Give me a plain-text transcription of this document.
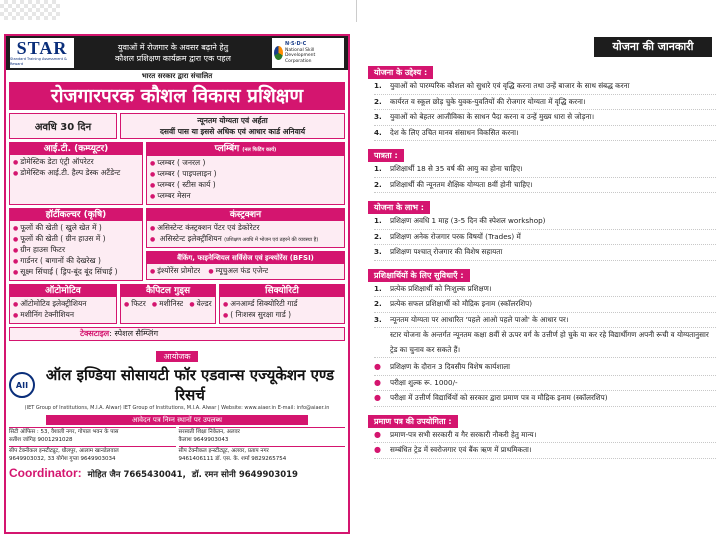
STAR
Standard Training Assessment & Reward
युवाओं में रोजगार के अवसर बढ़ाने हेतु
कौशल प्रशिक्षण कार्यक्रम द्वारा एक पहल
N·S·D·C
National Skill Development Corporation
भारत सरकार द्वारा संचालित
रोजगारपरक कौशल विकास प्रशिक्षण
अवधि 30 दिन
न्यूनतम योग्यता एवं अर्हता
दसवीं पास या इससे अधिक एवं आधार कार्ड अनिवार्य
आई.टी. (कम्प्यूटर)
● डोमेस्टिक डेटा एंट्री ऑपरेटर
● डोमेस्टिक आई.टी. हैल्प डेस्क अटैंडेन्ट
प्लम्बिंग (नल फिटिंग कार्य)
● प्लम्बर ( जनरल )
● प्लम्बर ( पाइपलाइन )
● प्लम्बर ( स्टीस कार्य )
● प्लम्बर मेसन
हॉर्टीकल्चर (कृषि)
● फूलों की खेती ( खुले खेत में )
● फूलों की खेती ( ग्रीन हाउस में )
● ग्रीन हाउस फिटर
● गार्डनर ( बागानों की देखरेख )
● सूक्ष्म सिंचाई ( ड्रिप-बूंद बूंद सिंचाई )
कंस्ट्रक्शन
● असिस्टेन्ट कंस्ट्रक्शन पेंटर एवं डेकोरेटर
● असिस्टेन्ट इलेक्ट्रीशियन (प्रशिक्षण अवधि में भोजन एवं ठहरने की व्यवस्था है)
बैंकिंग, फाइनेन्शियल सर्विसेज एवं इन्श्योरेंस (BFSI)
● इंश्योरेंस प्रोमोटर	● म्यूचुअल फंड एजेन्ट
ऑटोमोटिव
● ऑटोमोटिव इलेक्ट्रीशियन
● मशीनिंग टेक्नीशियन
कैपिटल गुड्स
● फिटर	● मशीनिस्ट	● वेल्डर
सिक्योरिटी
● अनआर्म्ड सिक्योरिटी गार्ड
● ( निःशस्त्र सुरक्षा गार्ड )
टेक्सटाइल: स्पेशल सैम्प्लिंग
आयोजक
AII
ऑल इण्डिया सोसायटी फॉर एडवान्स एज्यूकेशन एण्ड रिसर्च
(IET Group of Institutions, M.I.A. Alwar) IET Group of Institutions, M.I.A. Alwar | Website: www.aiaer.in E-mail: info@aiaer.in
आवेदन पत्र निम्न स्थानों पर उपलब्ध
सिटी ऑफिस : 53, वैशाली नगर, गोपाल भवन के पास
सतीश जांगिड़ 9001291028
सीप टेक्नीकल इन्स्टीट्यूट, धौलपुर, आलाम खानडेलवाल
9649903032, 33 योगेश गुप्ता 9649903034
सरस्वती शिक्षा निकेतन, अलवर
कैलाश 9649903043
सीप टेक्नीकल इन्स्टीट्यूट, अलवर, प्रताप नगर
9461406111 डॉ. एस. के. शर्मा 9829265754
Coordinator: मोहित जैन 7665430041, डॉ. रमन सोनी 9649903019
योजना की जानकारी
योजना के उद्देश्य :
1.	युवाओं को पारम्परिक कौशल को सुधारे एवं वृद्धि करना तथा उन्हें बाजार के साथ संबद्ध करना
2.	कार्यरत व स्कूल छोड़ चुके युवक-युवतियों की रोजगार योग्यता में वृद्धि करना।
3.	युवाओं को बेहतर आजीविका के साधन पैदा करना व उन्हें मुख्य धारा से जोड़ना।
4.	देश के लिए उचित मानव संसाधन विकसित करना।
पात्रता :
1.	प्रशिक्षार्थी 18 से 35 वर्ष की आयु का होना चाहिए।
2.	प्रशिक्षार्थी की न्यूनतम शैक्षिक योग्यता 8वीं होनी चाहिए।
योजना के लाभ :
1.	प्रशिक्षण अवधि 1 माह (3-5 दिन की स्पेशल workshop)
2.	प्रशिक्षण अनेक रोजगार परक विषयों (Trades) में
3.	प्रशिक्षण पश्चात् रोजगार की विशेष सहायता
प्रशिक्षार्थियों के लिए सुविधाएँ :
1.	प्रत्येक प्रशिक्षार्थी को निःशुल्क प्रशिक्षण।
2.	प्रत्येक सफल प्रशिक्षार्थी को मौद्रिक इनाम (स्कॉलरशिप)
3.	न्यूनतम योग्यता पर आधारित 'पहले आओ पहले पाओ' के आधार पर।
स्टार योजना के अन्तर्गत न्यूनतम कक्षा 8वीं से ऊपर वर्ग के उत्तीर्ण हो चुके या कर रहे विद्यार्थीगण अपनी रूची व योग्यतानुसार ट्रेड का चुनाव कर सकते हैं।
●	प्रशिक्षण के दौरान 3 दिवसीय विशेष कार्यशाला
●	परीक्षा शुल्क रू. 1000/-
●	परीक्षा में उत्तीर्ण विद्यार्थियों को सरकार द्वारा प्रमाण पत्र व मौद्रिक इनाम (स्कॉलरशिप)
प्रमाण पत्र की उपयोगिता :
●	प्रमाण-पत्र सभी सरकारी व गैर सरकारी नौकरी हेतु मान्य।
●	सम्बंधित ट्रेड में स्वरोजगार एवं बैंक ऋण में प्राथमिकता।
